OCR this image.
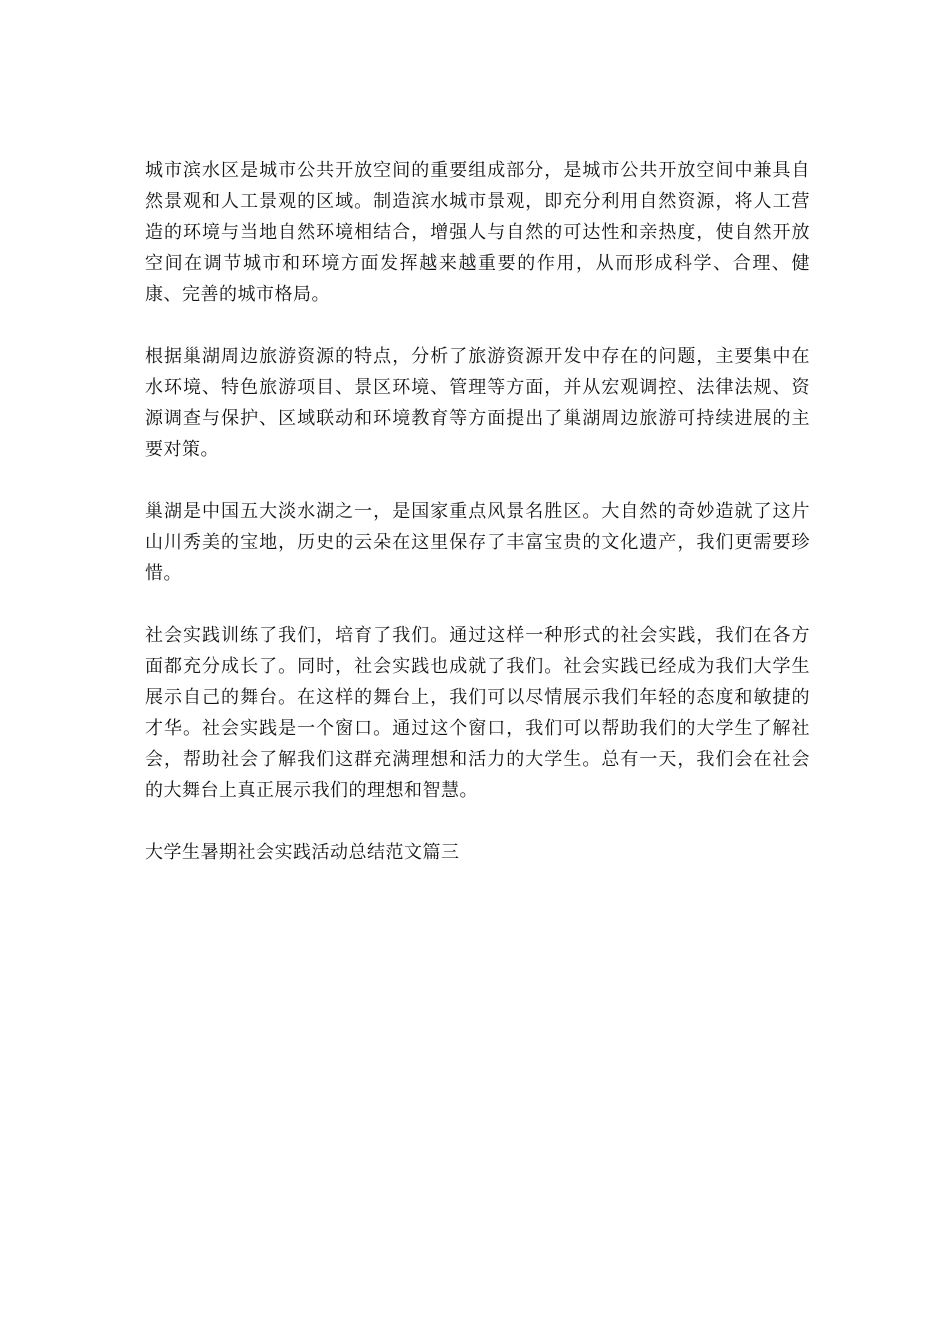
城市滨水区是城市公共开放空间的重要组成部分，是城市公共开放空间中兼具自然景观和人工景观的区域。制造滨水城市景观，即充分利用自然资源，将人工营造的环境与当地自然环境相结合，增强人与自然的可达性和亲热度，使自然开放空间在调节城市和环境方面发挥越来越重要的作用，从而形成科学、合理、健康、完善的城市格局。

根据巢湖周边旅游资源的特点，分析了旅游资源开发中存在的问题，主要集中在水环境、特色旅游项目、景区环境、管理等方面，并从宏观调控、法律法规、资源调查与保护、区域联动和环境教育等方面提出了巢湖周边旅游可持续进展的主要对策。

巢湖是中国五大淡水湖之一，是国家重点风景名胜区。大自然的奇妙造就了这片山川秀美的宝地，历史的云朵在这里保存了丰富宝贵的文化遗产，我们更需要珍惜。

社会实践训练了我们，培育了我们。通过这样一种形式的社会实践，我们在各方面都充分成长了。同时，社会实践也成就了我们。社会实践已经成为我们大学生展示自己的舞台。在这样的舞台上，我们可以尽情展示我们年轻的态度和敏捷的才华。社会实践是一个窗口。通过这个窗口，我们可以帮助我们的大学生了解社会，帮助社会了解我们这群充满理想和活力的大学生。总有一天，我们会在社会的大舞台上真正展示我们的理想和智慧。

大学生暑期社会实践活动总结范文篇三
